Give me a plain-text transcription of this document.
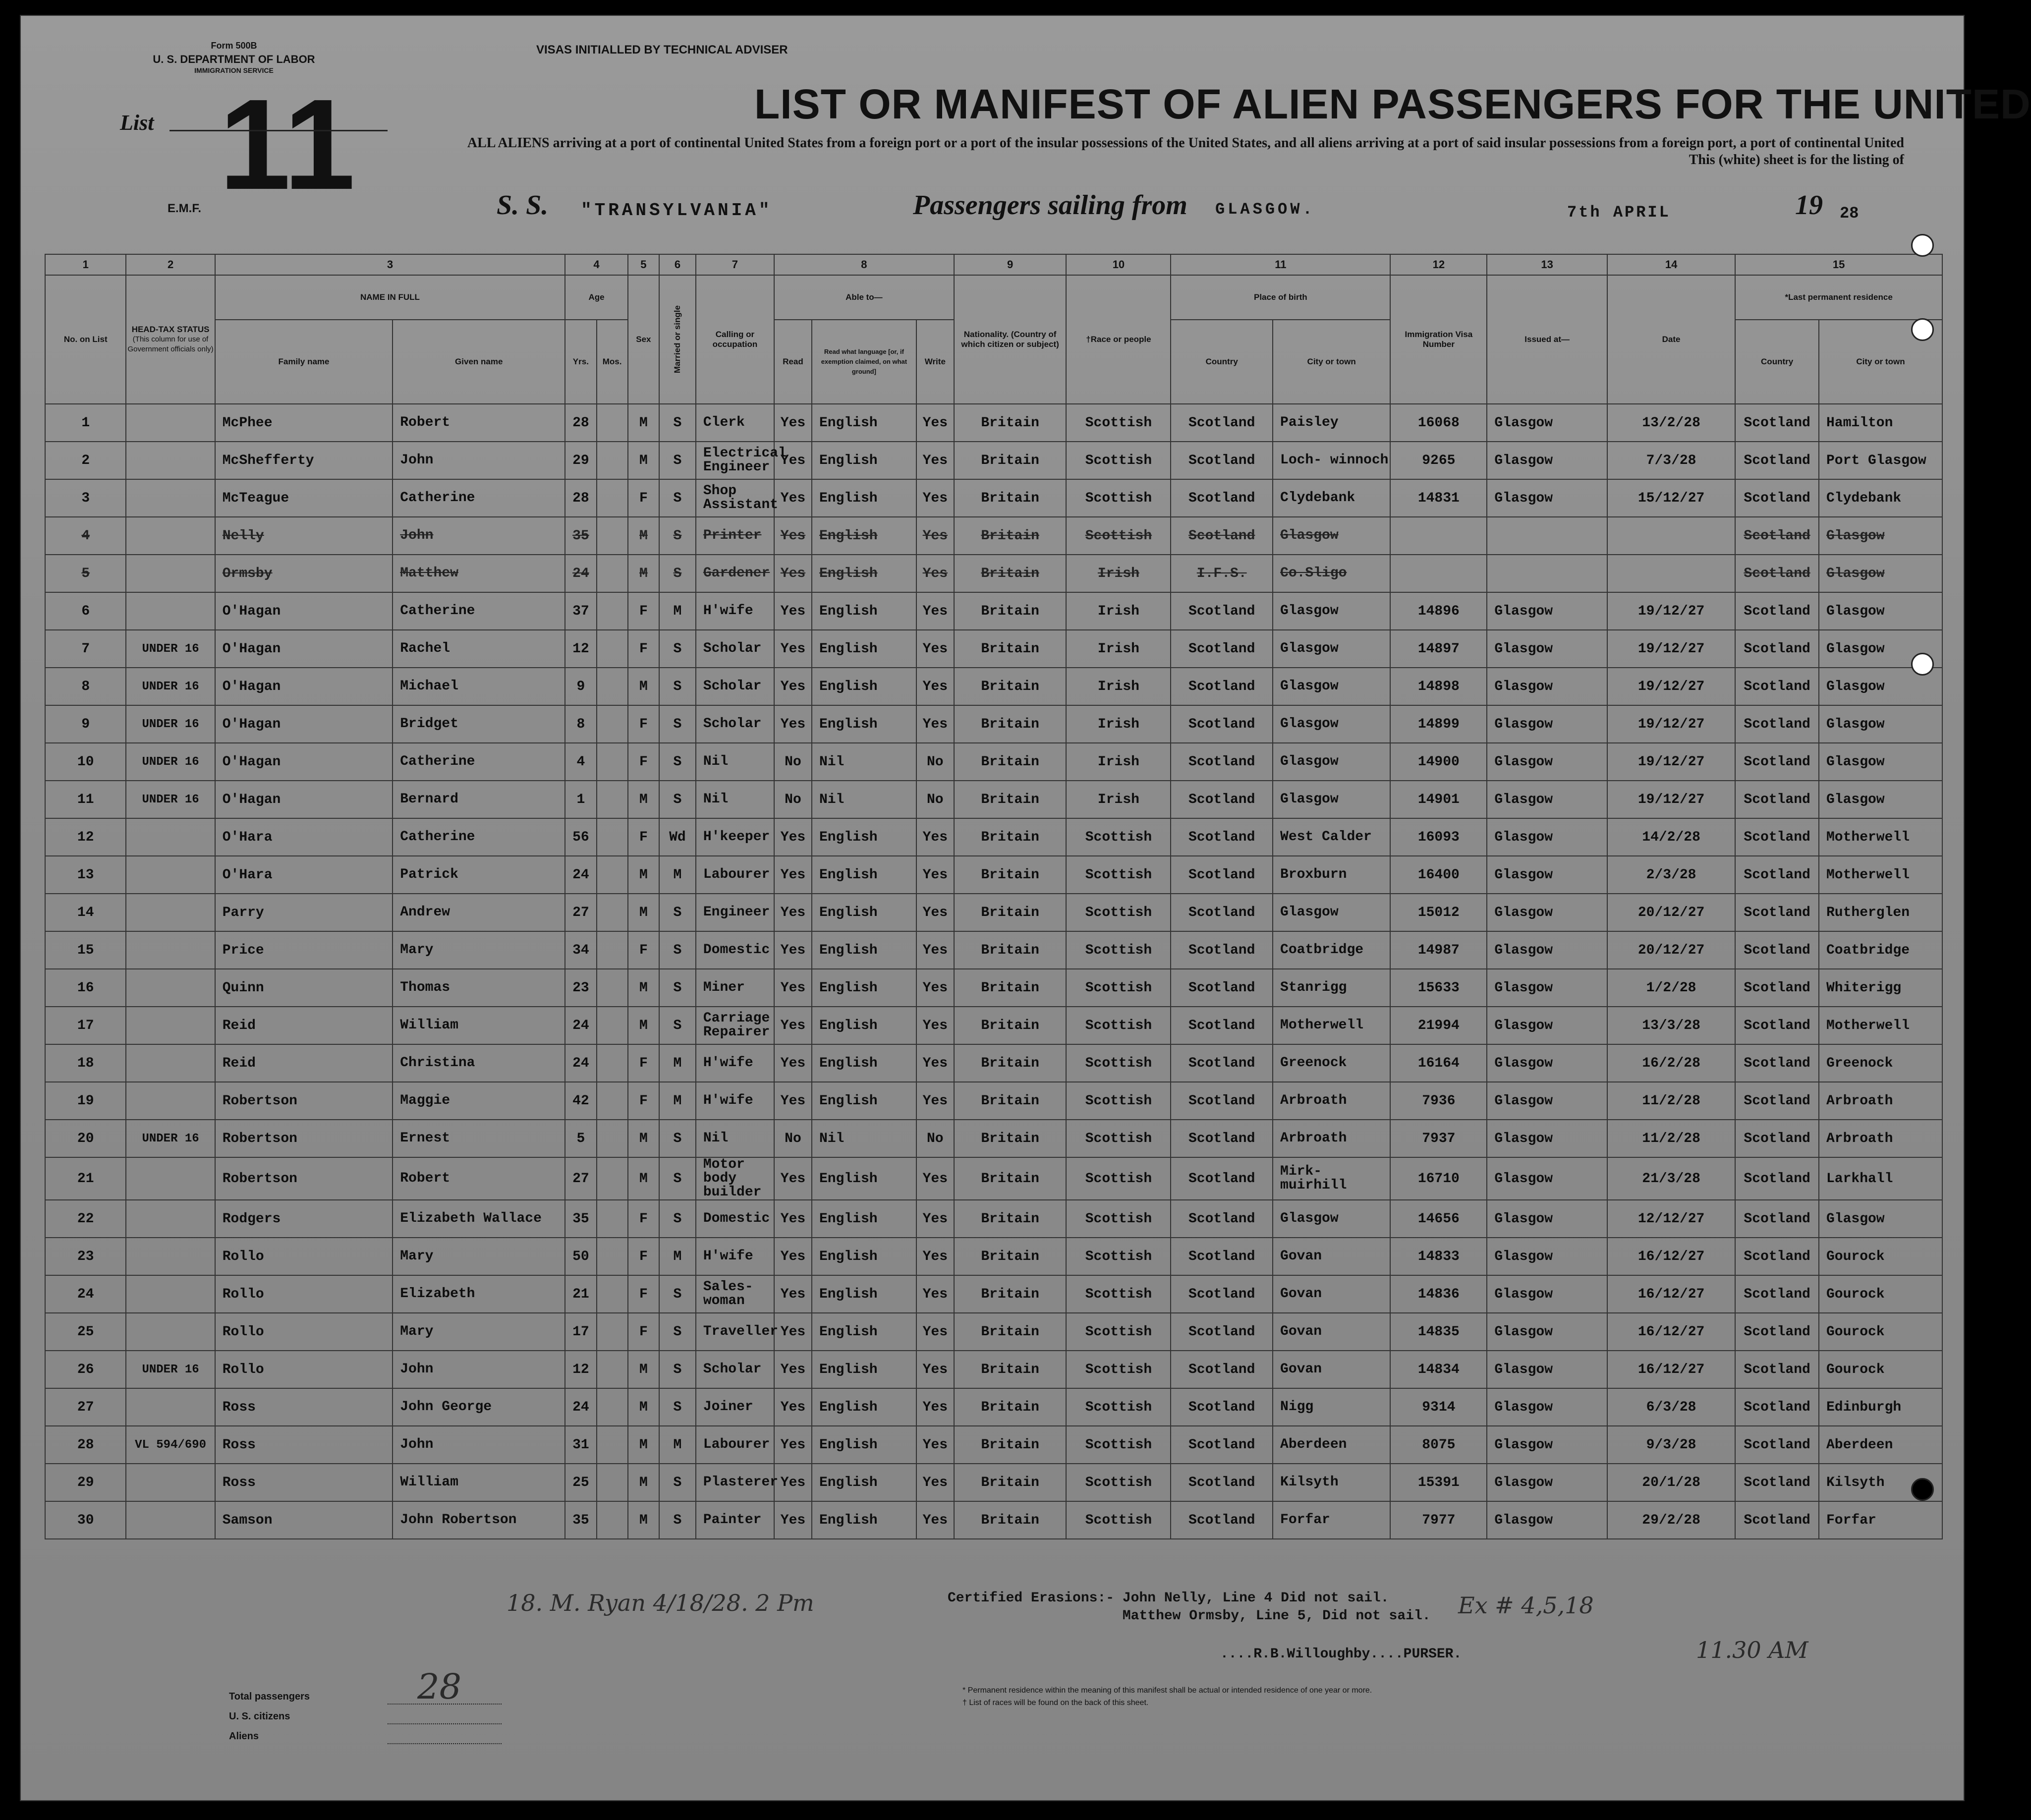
Form 500B
U. S. DEPARTMENT OF LABOR
IMMIGRATION SERVICE
VISAS INITIALLED BY TECHNICAL ADVISER
List 11
E.M.F.
LIST OR MANIFEST OF ALIEN PASSENGERS FOR THE UNITED
ALL ALIENS arriving at a port of continental United States from a foreign port or a port of the insular possessions of the United States, and all aliens arriving at a port of said insular possessions from a foreign port, a port of continental United
This (white) sheet is for the listing of
S. S. "TRANSYLVANIA"	Passengers sailing from GLASGOW.	7th APRIL	19 28
1	2	3		4		5	6	7	8			9	10	11		12	13	14	15	
No. on List	HEAD-TAX STATUS
(This column for use of Government officials only)	NAME IN FULL		Age		Sex	Married or single	Calling or occupation	Able to—			Nationality. (Country of which citizen or subject)	†Race or people	Place of birth		Immigration Visa Number	Issued at—	Date	*Last permanent residence	
		Family name	Given name	Yrs.	Mos.				Read	Read what language [or, if exemption claimed, on what ground]	Write			Country	City or town				Country	City or town
1		McPhee	Robert	28		M	S	Clerk	Yes	English	Yes	Britain	Scottish	Scotland	Paisley	16068	Glasgow	13/2/28	Scotland	Hamilton
2		McShefferty	John	29		M	S	Electrical Engineer	Yes	English	Yes	Britain	Scottish	Scotland	Loch- winnoch	9265	Glasgow	7/3/28	Scotland	Port Glasgow
3		McTeague	Catherine	28		F	S	Shop Assistant	Yes	English	Yes	Britain	Scottish	Scotland	Clydebank	14831	Glasgow	15/12/27	Scotland	Clydebank
4		Nelly	John	35		M	S	Printer	Yes	English	Yes	Britain	Scottish	Scotland	Glasgow				Scotland	Glasgow
5		Ormsby	Matthew	24		M	S	Gardener	Yes	English	Yes	Britain	Irish	I.F.S.	Co.Sligo				Scotland	Glasgow
6		O'Hagan	Catherine	37		F	M	H'wife	Yes	English	Yes	Britain	Irish	Scotland	Glasgow	14896	Glasgow	19/12/27	Scotland	Glasgow
7	UNDER 16	O'Hagan	Rachel	12		F	S	Scholar	Yes	English	Yes	Britain	Irish	Scotland	Glasgow	14897	Glasgow	19/12/27	Scotland	Glasgow
8	UNDER 16	O'Hagan	Michael	9		M	S	Scholar	Yes	English	Yes	Britain	Irish	Scotland	Glasgow	14898	Glasgow	19/12/27	Scotland	Glasgow
9	UNDER 16	O'Hagan	Bridget	8		F	S	Scholar	Yes	English	Yes	Britain	Irish	Scotland	Glasgow	14899	Glasgow	19/12/27	Scotland	Glasgow
10	UNDER 16	O'Hagan	Catherine	4		F	S	Nil	No	Nil	No	Britain	Irish	Scotland	Glasgow	14900	Glasgow	19/12/27	Scotland	Glasgow
11	UNDER 16	O'Hagan	Bernard	1		M	S	Nil	No	Nil	No	Britain	Irish	Scotland	Glasgow	14901	Glasgow	19/12/27	Scotland	Glasgow
12		O'Hara	Catherine	56		F	Wd	H'keeper	Yes	English	Yes	Britain	Scottish	Scotland	West Calder	16093	Glasgow	14/2/28	Scotland	Motherwell
13		O'Hara	Patrick	24		M	M	Labourer	Yes	English	Yes	Britain	Scottish	Scotland	Broxburn	16400	Glasgow	2/3/28	Scotland	Motherwell
14		Parry	Andrew	27		M	S	Engineer	Yes	English	Yes	Britain	Scottish	Scotland	Glasgow	15012	Glasgow	20/12/27	Scotland	Rutherglen
15		Price	Mary	34		F	S	Domestic	Yes	English	Yes	Britain	Scottish	Scotland	Coatbridge	14987	Glasgow	20/12/27	Scotland	Coatbridge
16		Quinn	Thomas	23		M	S	Miner	Yes	English	Yes	Britain	Scottish	Scotland	Stanrigg	15633	Glasgow	1/2/28	Scotland	Whiterigg
17		Reid	William	24		M	S	Carriage Repairer	Yes	English	Yes	Britain	Scottish	Scotland	Motherwell	21994	Glasgow	13/3/28	Scotland	Motherwell
18		Reid	Christina	24		F	M	H'wife	Yes	English	Yes	Britain	Scottish	Scotland	Greenock	16164	Glasgow	16/2/28	Scotland	Greenock
19		Robertson	Maggie	42		F	M	H'wife	Yes	English	Yes	Britain	Scottish	Scotland	Arbroath	7936	Glasgow	11/2/28	Scotland	Arbroath
20	UNDER 16	Robertson	Ernest	5		M	S	Nil	No	Nil	No	Britain	Scottish	Scotland	Arbroath	7937	Glasgow	11/2/28	Scotland	Arbroath
21		Robertson	Robert	27		M	S	Motor body builder	Yes	English	Yes	Britain	Scottish	Scotland	Mirk- muirhill	16710	Glasgow	21/3/28	Scotland	Larkhall
22		Rodgers	Elizabeth Wallace	35		F	S	Domestic	Yes	English	Yes	Britain	Scottish	Scotland	Glasgow	14656	Glasgow	12/12/27	Scotland	Glasgow
23		Rollo	Mary	50		F	M	H'wife	Yes	English	Yes	Britain	Scottish	Scotland	Govan	14833	Glasgow	16/12/27	Scotland	Gourock
24		Rollo	Elizabeth	21		F	S	Sales- woman	Yes	English	Yes	Britain	Scottish	Scotland	Govan	14836	Glasgow	16/12/27	Scotland	Gourock
25		Rollo	Mary	17		F	S	Traveller	Yes	English	Yes	Britain	Scottish	Scotland	Govan	14835	Glasgow	16/12/27	Scotland	Gourock
26	UNDER 16	Rollo	John	12		M	S	Scholar	Yes	English	Yes	Britain	Scottish	Scotland	Govan	14834	Glasgow	16/12/27	Scotland	Gourock
27		Ross	John George	24		M	S	Joiner	Yes	English	Yes	Britain	Scottish	Scotland	Nigg	9314	Glasgow	6/3/28	Scotland	Edinburgh
28	VL 594/690	Ross	John	31		M	M	Labourer	Yes	English	Yes	Britain	Scottish	Scotland	Aberdeen	8075	Glasgow	9/3/28	Scotland	Aberdeen
29		Ross	William	25		M	S	Plasterer	Yes	English	Yes	Britain	Scottish	Scotland	Kilsyth	15391	Glasgow	20/1/28	Scotland	Kilsyth
30		Samson	John Robertson	35		M	S	Painter	Yes	English	Yes	Britain	Scottish	Scotland	Forfar	7977	Glasgow	29/2/28	Scotland	Forfar
Certified Erasions:- John Nelly, Line 4 Did not sail.
Matthew Ormsby, Line 5, Did not sail.
....R.B.Willoughby....PURSER.
Total passengers	28
U. S. citizens
Aliens
* Permanent residence within the meaning of this manifest shall be actual or intended residence of one year or more.
† List of races will be found on the back of this sheet.
18. M. Ryan 4/18/28. 2 Pm	Ex # 4,5,18
11.30 AM
